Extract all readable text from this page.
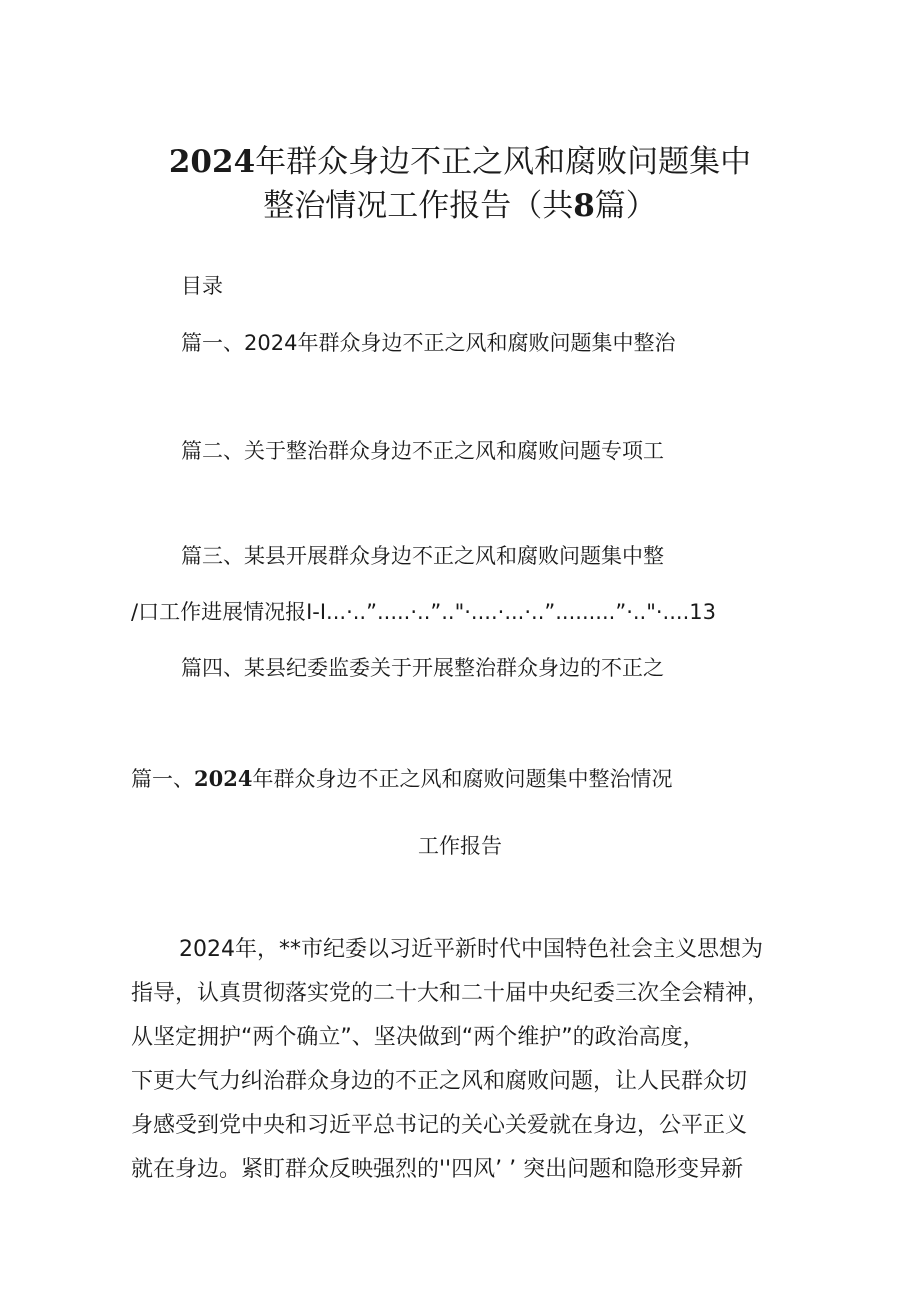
2024年群众身边不正之风和腐败问题集中
整治情况工作报告（共8篇）
目录
篇一、2024年群众身边不正之风和腐败问题集中整治
篇二、关于整治群众身边不正之风和腐败问题专项工
篇三、某县开展群众身边不正之风和腐败问题集中整
/口工作进展情况报I-I...·..”.....·..”.."·....·...·..”.........”·.."·....13
篇四、某县纪委监委关于开展整治群众身边的不正之
篇一、2024年群众身边不正之风和腐败问题集中整治情况
工作报告

2024年，**市纪委以习近平新时代中国特色社会主义思想为

指导，认真贯彻落实党的二十大和二十届中央纪委三次全会精神，

从坚定拥护“两个确立”、坚决做到“两个维护”的政治高度，

下更大气力纠治群众身边的不正之风和腐败问题，让人民群众切

身感受到党中央和习近平总书记的关心关爱就在身边，公平正义

就在身边。紧盯群众反映强烈的''四风’ ’ 突出问题和隐形变异新
